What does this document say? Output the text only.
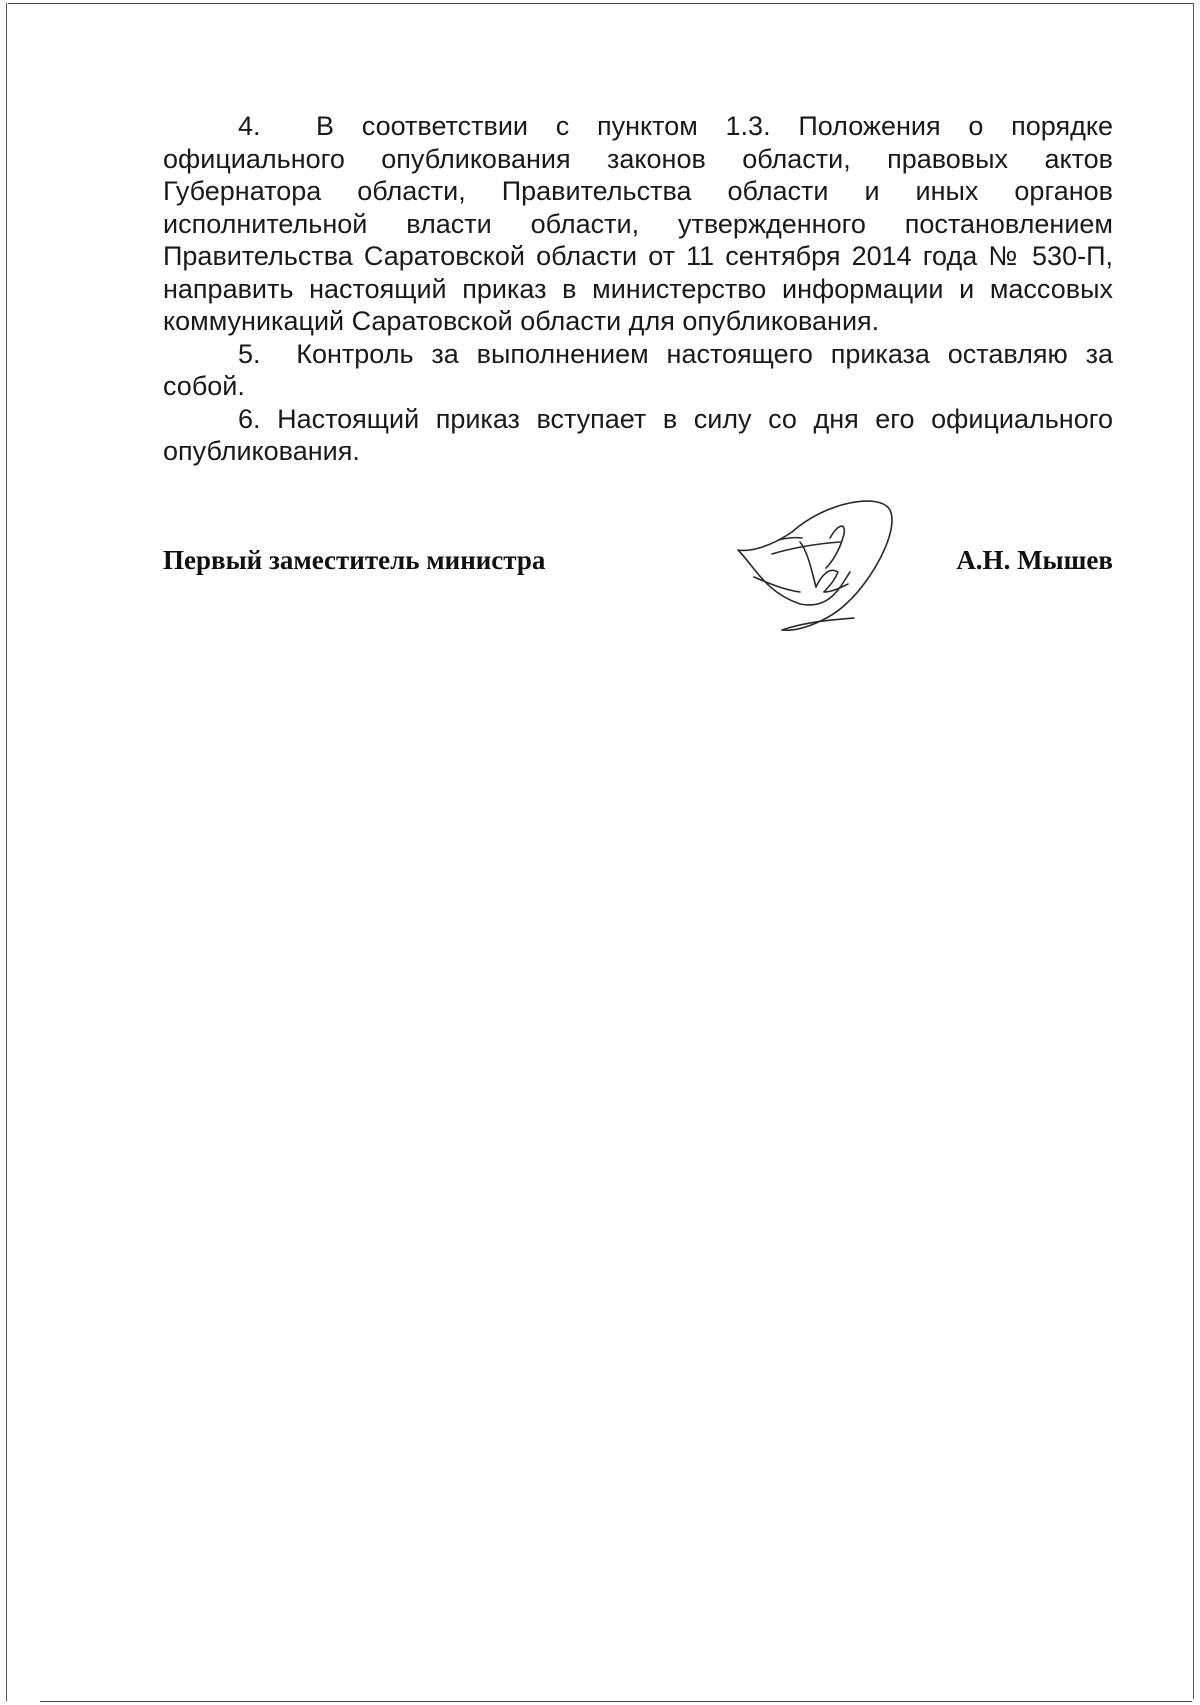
4. В соответствии с пунктом 1.3. Положения о порядке официального опубликования законов области, правовых актов Губернатора области, Правительства области и иных органов исполнительной власти области, утвержденного постановлением Правительства Саратовской области от 11 сентября 2014 года № 530-П, направить настоящий приказ в министерство информации и массовых коммуникаций Саратовской области для опубликования.

5. Контроль за выполнением настоящего приказа оставляю за собой.

6. Настоящий приказ вступает в силу со дня его официального опубликования.

Первый заместитель министра	А.Н. Мышев
